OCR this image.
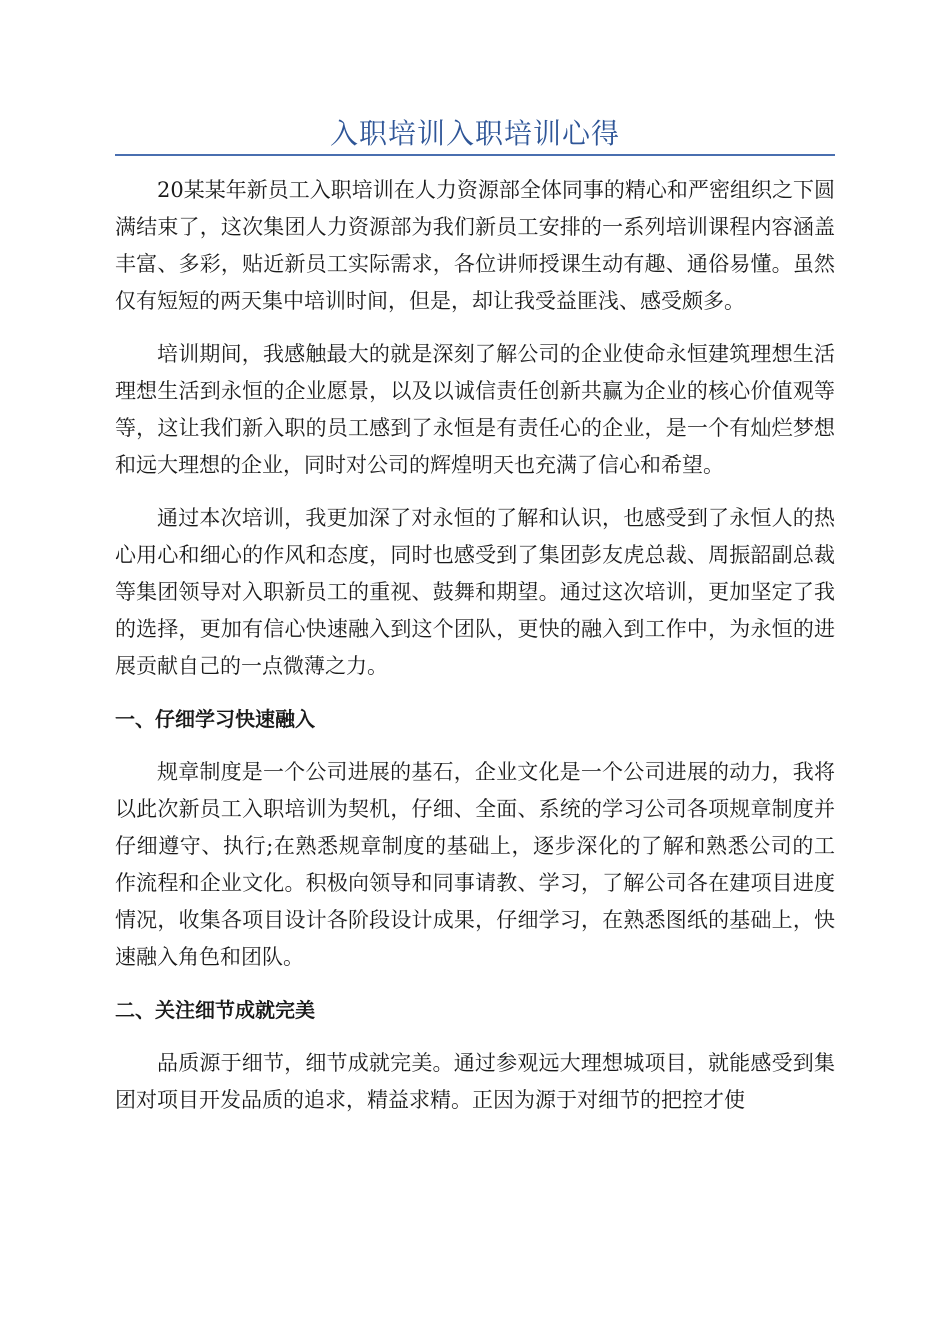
入职培训入职培训心得

20某某年新员工入职培训在人力资源部全体同事的精心和严密组织之下圆满结束了，这次集团人力资源部为我们新员工安排的一系列培训课程内容涵盖丰富、多彩，贴近新员工实际需求，各位讲师授课生动有趣、通俗易懂。虽然仅有短短的两天集中培训时间，但是，却让我受益匪浅、感受颇多。

培训期间，我感触最大的就是深刻了解公司的企业使命永恒建筑理想生活理想生活到永恒的企业愿景，以及以诚信责任创新共赢为企业的核心价值观等等，这让我们新入职的员工感到了永恒是有责任心的企业，是一个有灿烂梦想和远大理想的企业，同时对公司的辉煌明天也充满了信心和希望。

通过本次培训，我更加深了对永恒的了解和认识，也感受到了永恒人的热心用心和细心的作风和态度，同时也感受到了集团彭友虎总裁、周振韶副总裁等集团领导对入职新员工的重视、鼓舞和期望。通过这次培训，更加坚定了我的选择，更加有信心快速融入到这个团队，更快的融入到工作中，为永恒的进展贡献自己的一点微薄之力。

一、仔细学习快速融入

规章制度是一个公司进展的基石，企业文化是一个公司进展的动力，我将以此次新员工入职培训为契机，仔细、全面、系统的学习公司各项规章制度并仔细遵守、执行;在熟悉规章制度的基础上，逐步深化的了解和熟悉公司的工作流程和企业文化。积极向领导和同事请教、学习，了解公司各在建项目进度情况，收集各项目设计各阶段设计成果，仔细学习，在熟悉图纸的基础上，快速融入角色和团队。

二、关注细节成就完美

品质源于细节，细节成就完美。通过参观远大理想城项目，就能感受到集团对项目开发品质的追求，精益求精。正因为源于对细节的把控才使
